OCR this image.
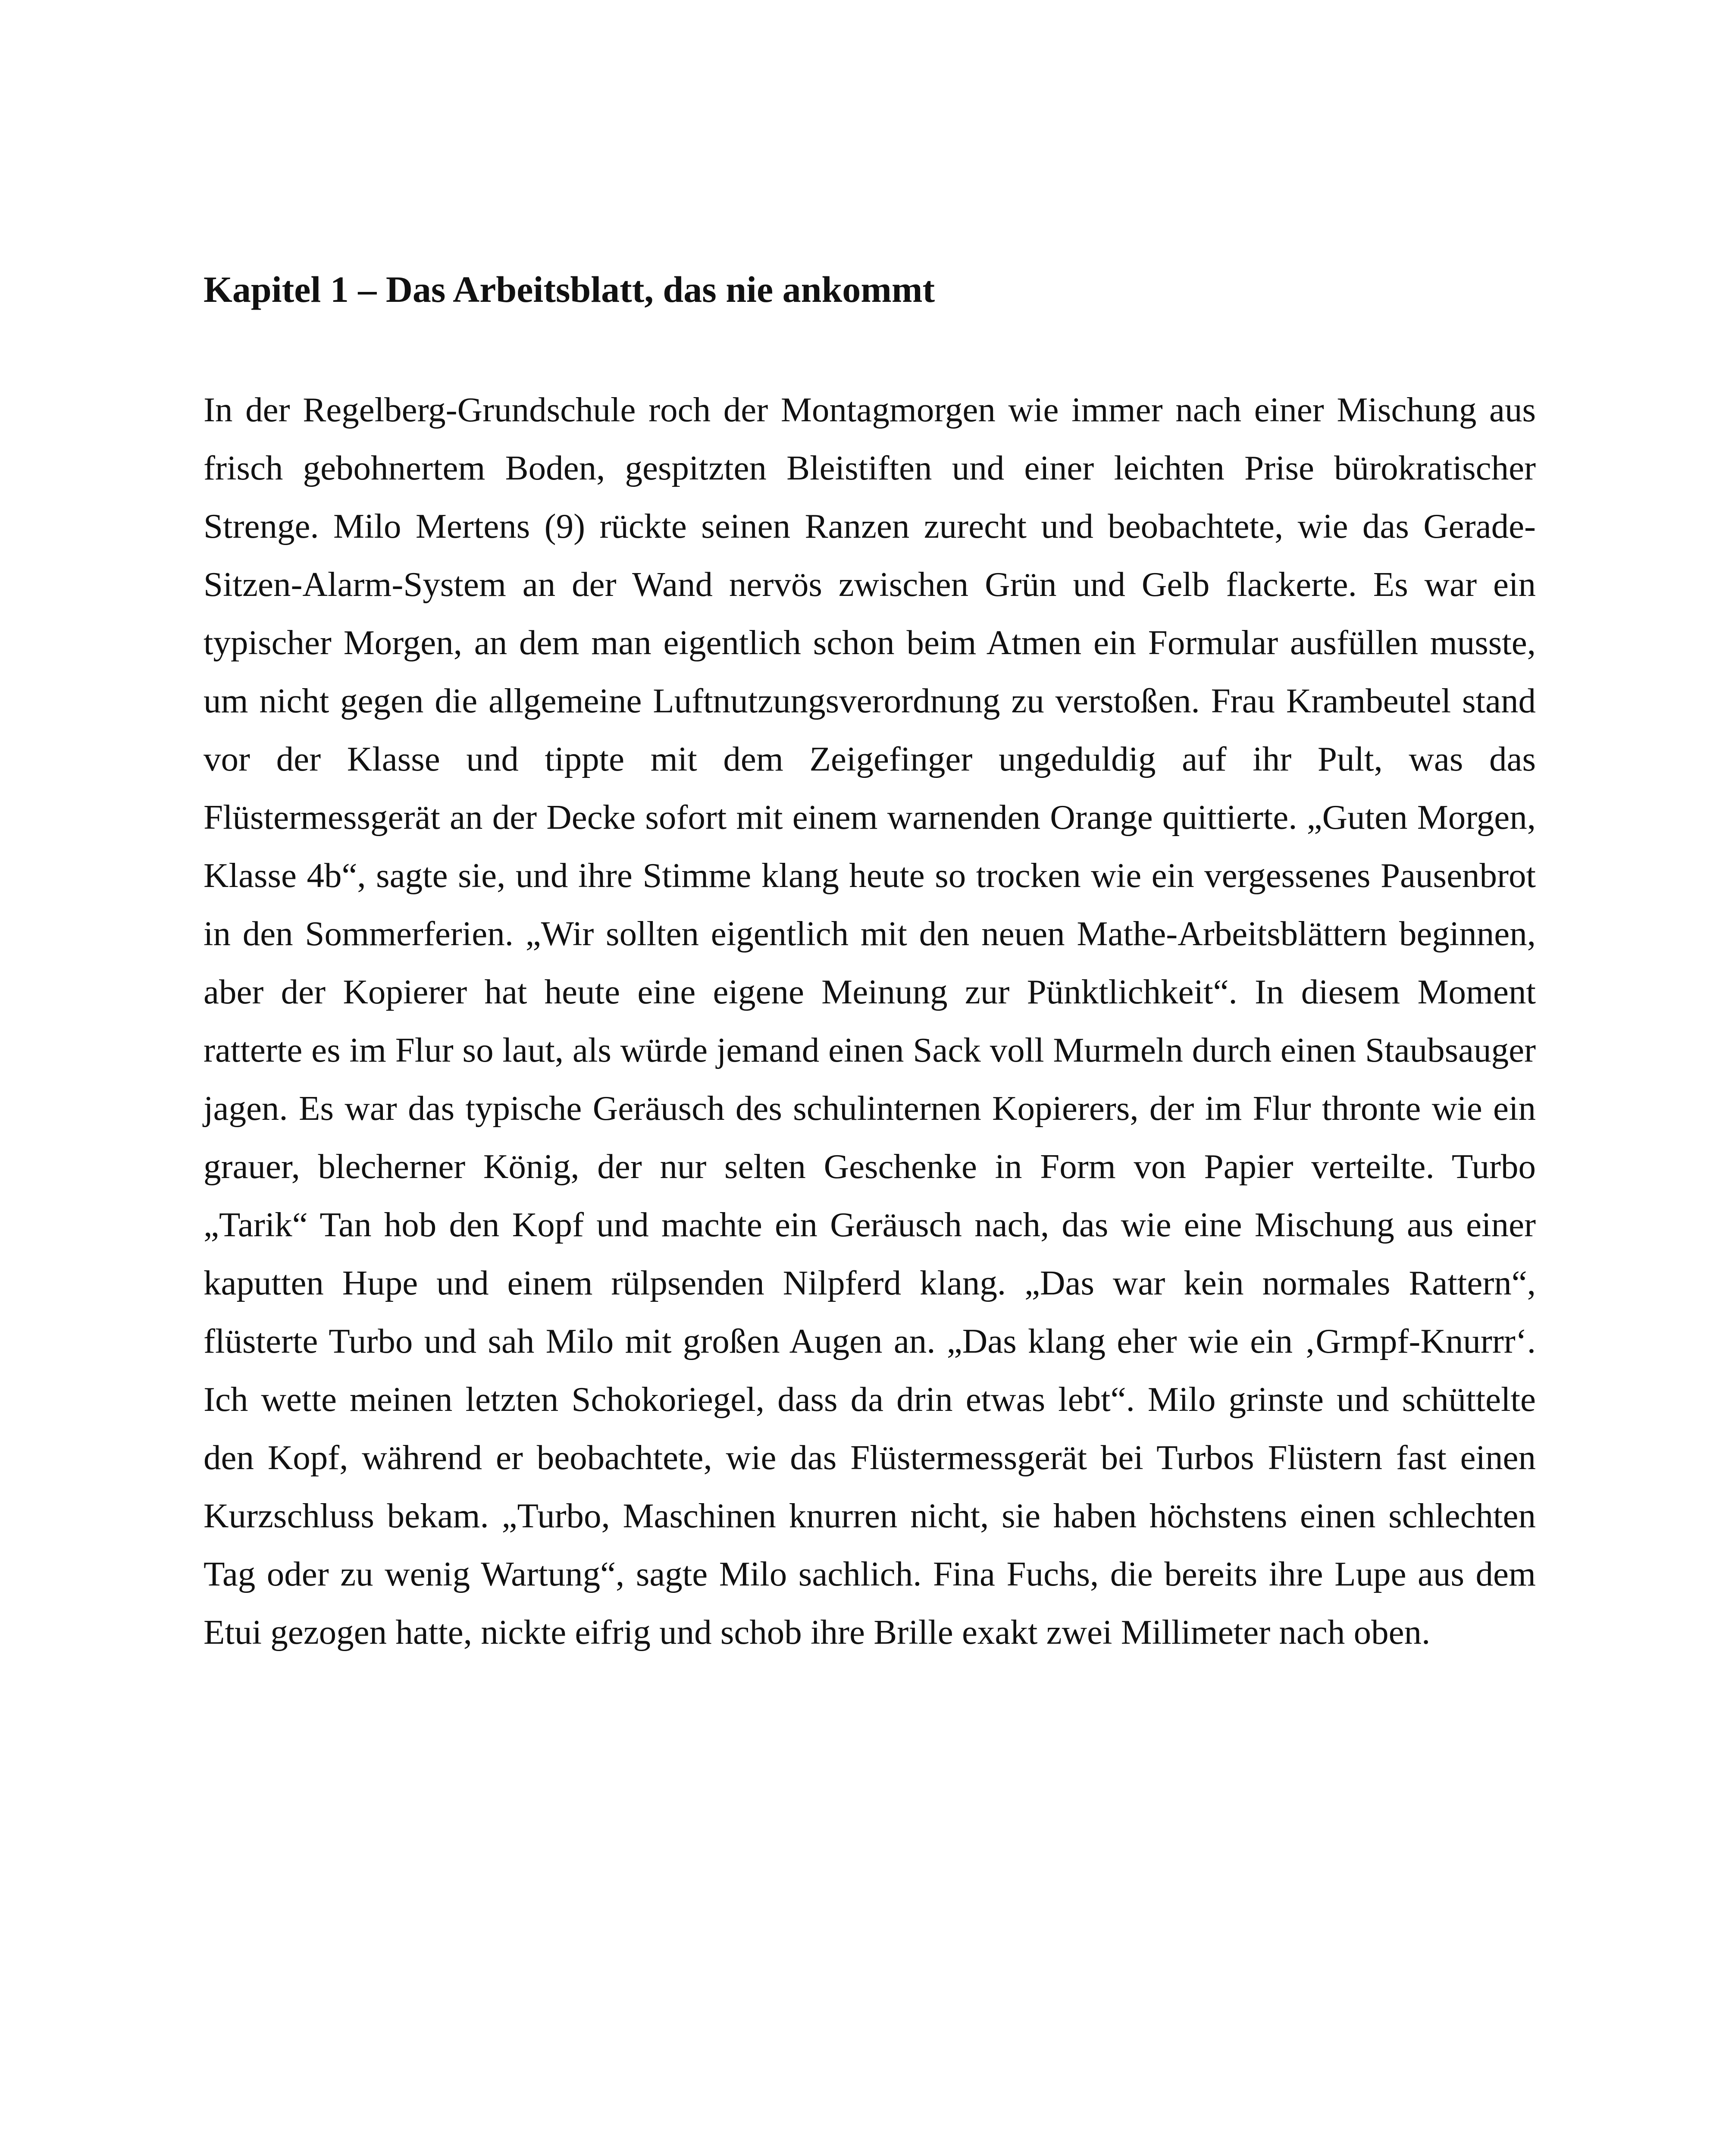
Kapitel 1 – Das Arbeitsblatt, das nie ankommt

In der Regelberg-Grundschule roch der Montagmorgen wie immer nach einer Mischung aus frisch gebohnertem Boden, gespitzten Bleistiften und einer leichten Prise bürokratischer Strenge. Milo Mertens (9) rückte seinen Ranzen zurecht und beobachtete, wie das Gerade-Sitzen-Alarm-System an der Wand nervös zwischen Grün und Gelb flackerte. Es war ein typischer Morgen, an dem man eigentlich schon beim Atmen ein Formular ausfüllen musste, um nicht gegen die allgemeine Luftnutzungsverordnung zu verstoßen. Frau Krambeutel stand vor der Klasse und tippte mit dem Zeigefinger ungeduldig auf ihr Pult, was das Flüstermessgerät an der Decke sofort mit einem warnenden Orange quittierte. „Guten Morgen, Klasse 4b“, sagte sie, und ihre Stimme klang heute so trocken wie ein vergessenes Pausenbrot in den Sommerferien. „Wir sollten eigentlich mit den neuen Mathe-Arbeitsblättern beginnen, aber der Kopierer hat heute eine eigene Meinung zur Pünktlichkeit“. In diesem Moment ratterte es im Flur so laut, als würde jemand einen Sack voll Murmeln durch einen Staubsauger jagen. Es war das typische Geräusch des schulinternen Kopierers, der im Flur thronte wie ein grauer, blecherner König, der nur selten Geschenke in Form von Papier verteilte. Turbo „Tarik“ Tan hob den Kopf und machte ein Geräusch nach, das wie eine Mischung aus einer kaputten Hupe und einem rülpsenden Nilpferd klang. „Das war kein normales Rattern“, flüsterte Turbo und sah Milo mit großen Augen an. „Das klang eher wie ein ‚Grmpf-Knurrr‘. Ich wette meinen letzten Schokoriegel, dass da drin etwas lebt“. Milo grinste und schüttelte den Kopf, während er beobachtete, wie das Flüstermessgerät bei Turbos Flüstern fast einen Kurzschluss bekam. „Turbo, Maschinen knurren nicht, sie haben höchstens einen schlechten Tag oder zu wenig Wartung“, sagte Milo sachlich. Fina Fuchs, die bereits ihre Lupe aus dem Etui gezogen hatte, nickte eifrig und schob ihre Brille exakt zwei Millimeter nach oben.
